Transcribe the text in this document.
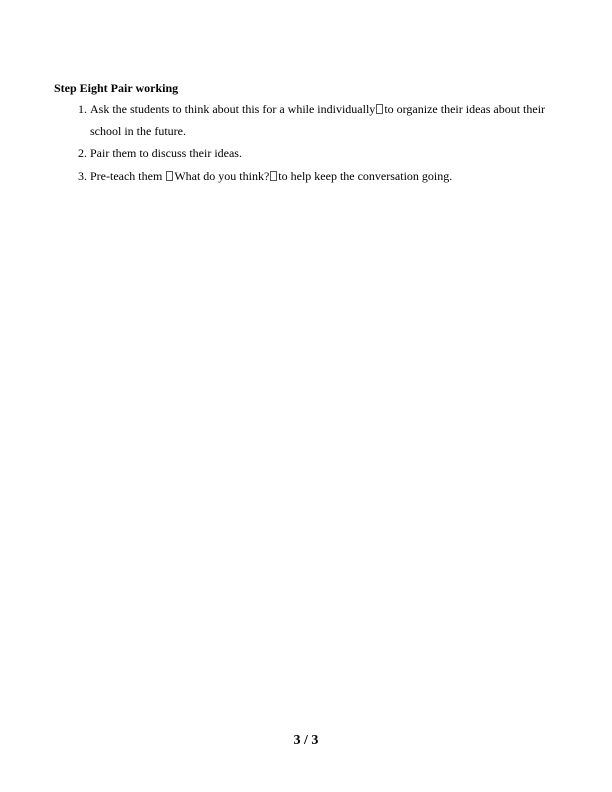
Step Eight Pair working
1. Ask the students to think about this for a while individually to organize their ideas about their
school in the future.
2. Pair them to discuss their ideas.
3. Pre-teach them What do you think? to help keep the conversation going.
3 / 3
